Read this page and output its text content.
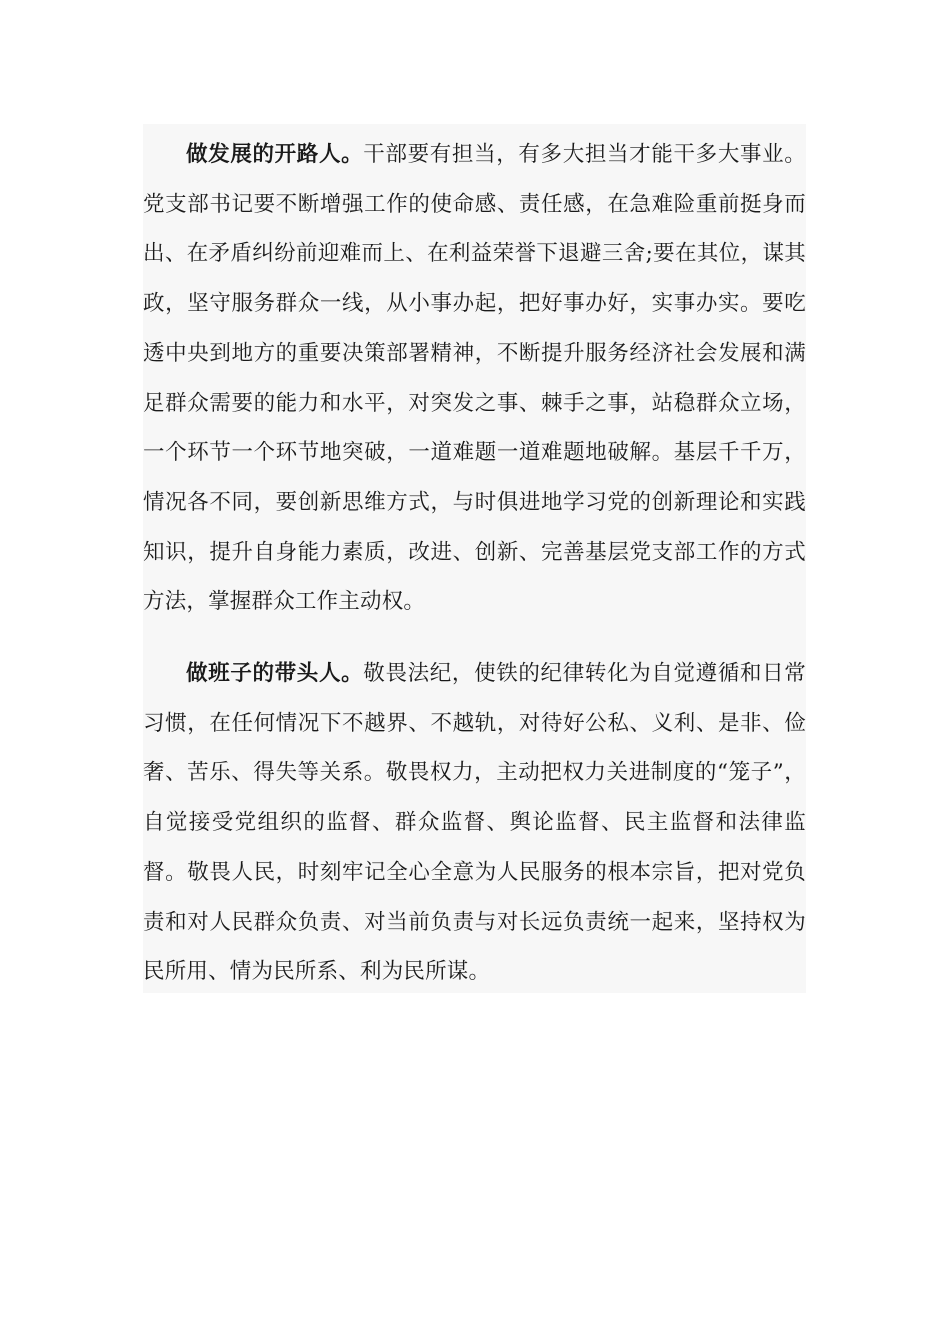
做发展的开路人。干部要有担当，有多大担当才能干多大事业。党支部书记要不断增强工作的使命感、责任感，在急难险重前挺身而出、在矛盾纠纷前迎难而上、在利益荣誉下退避三舍;要在其位，谋其政，坚守服务群众一线，从小事办起，把好事办好，实事办实。要吃透中央到地方的重要决策部署精神，不断提升服务经济社会发展和满足群众需要的能力和水平，对突发之事、棘手之事，站稳群众立场，一个环节一个环节地突破，一道难题一道难题地破解。基层千千万，情况各不同，要创新思维方式，与时俱进地学习党的创新理论和实践知识，提升自身能力素质，改进、创新、完善基层党支部工作的方式方法，掌握群众工作主动权。

做班子的带头人。敬畏法纪，使铁的纪律转化为自觉遵循和日常习惯，在任何情况下不越界、不越轨，对待好公私、义利、是非、俭奢、苦乐、得失等关系。敬畏权力，主动把权力关进制度的“笼子”，自觉接受党组织的监督、群众监督、舆论监督、民主监督和法律监督。敬畏人民，时刻牢记全心全意为人民服务的根本宗旨，把对党负责和对人民群众负责、对当前负责与对长远负责统一起来，坚持权为民所用、情为民所系、利为民所谋。
